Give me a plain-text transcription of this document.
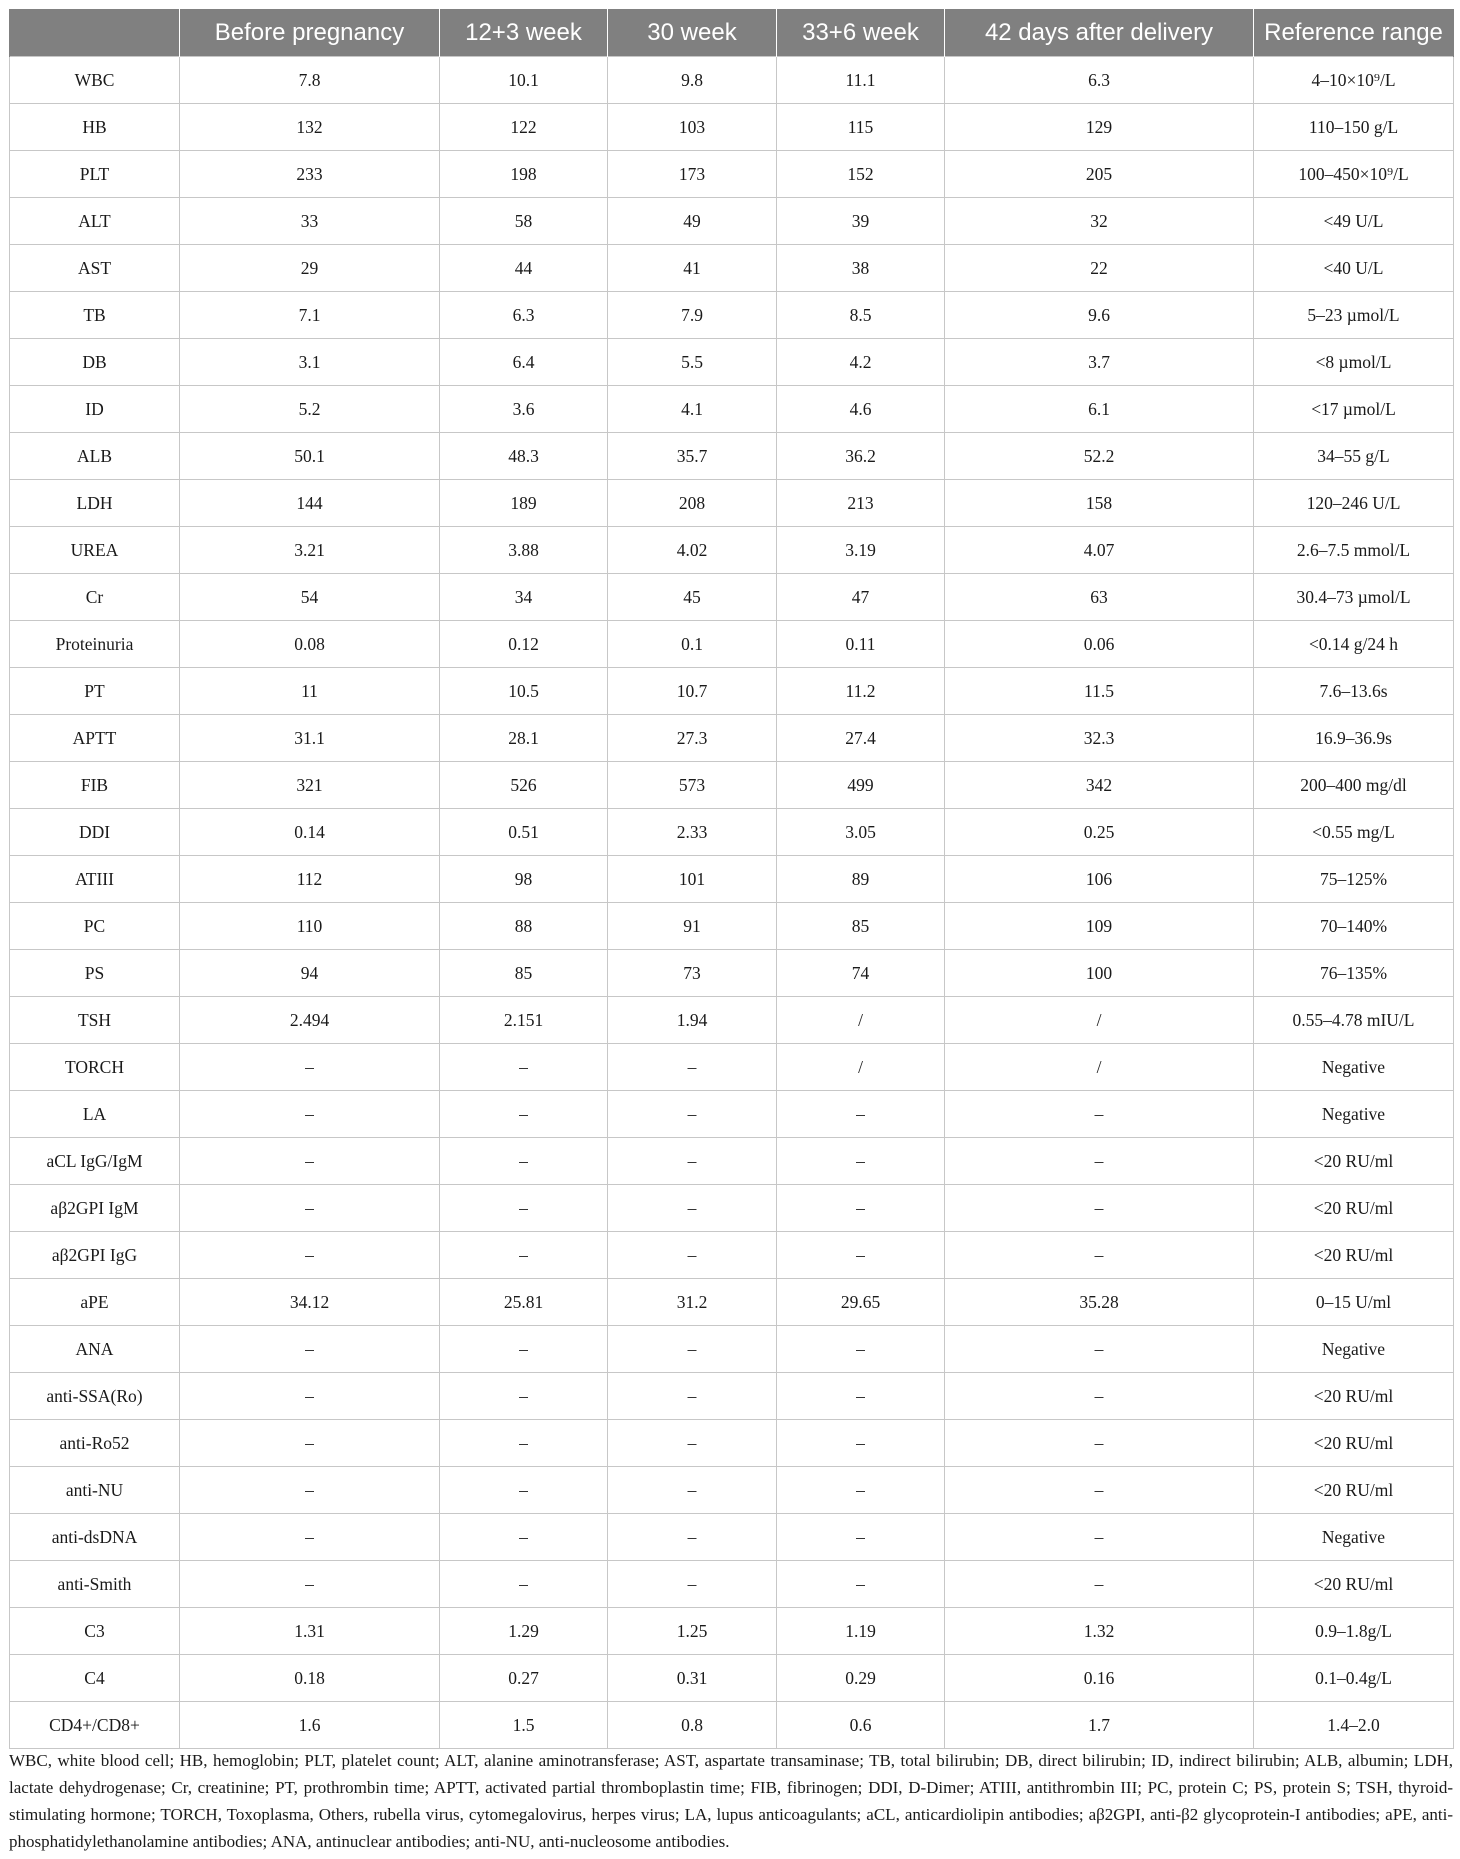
	Before pregnancy	12+3 week	30 week	33+6 week	42 days after delivery	Reference range
WBC	7.8	10.1	9.8	11.1	6.3	4–10×10⁹/L
HB	132	122	103	115	129	110–150 g/L
PLT	233	198	173	152	205	100–450×10⁹/L
ALT	33	58	49	39	32	<49 U/L
AST	29	44	41	38	22	<40 U/L
TB	7.1	6.3	7.9	8.5	9.6	5–23 µmol/L
DB	3.1	6.4	5.5	4.2	3.7	<8 µmol/L
ID	5.2	3.6	4.1	4.6	6.1	<17 µmol/L
ALB	50.1	48.3	35.7	36.2	52.2	34–55 g/L
LDH	144	189	208	213	158	120–246 U/L
UREA	3.21	3.88	4.02	3.19	4.07	2.6–7.5 mmol/L
Cr	54	34	45	47	63	30.4–73 µmol/L
Proteinuria	0.08	0.12	0.1	0.11	0.06	<0.14 g/24 h
PT	11	10.5	10.7	11.2	11.5	7.6–13.6s
APTT	31.1	28.1	27.3	27.4	32.3	16.9–36.9s
FIB	321	526	573	499	342	200–400 mg/dl
DDI	0.14	0.51	2.33	3.05	0.25	<0.55 mg/L
ATIII	112	98	101	89	106	75–125%
PC	110	88	91	85	109	70–140%
PS	94	85	73	74	100	76–135%
TSH	2.494	2.151	1.94	/	/	0.55–4.78 mIU/L
TORCH	–	–	–	/	/	Negative
LA	–	–	–	–	–	Negative
aCL IgG/IgM	–	–	–	–	–	<20 RU/ml
aβ2GPI IgM	–	–	–	–	–	<20 RU/ml
aβ2GPI IgG	–	–	–	–	–	<20 RU/ml
aPE	34.12	25.81	31.2	29.65	35.28	0–15 U/ml
ANA	–	–	–	–	–	Negative
anti-SSA(Ro)	–	–	–	–	–	<20 RU/ml
anti-Ro52	–	–	–	–	–	<20 RU/ml
anti-NU	–	–	–	–	–	<20 RU/ml
anti-dsDNA	–	–	–	–	–	Negative
anti-Smith	–	–	–	–	–	<20 RU/ml
C3	1.31	1.29	1.25	1.19	1.32	0.9–1.8g/L
C4	0.18	0.27	0.31	0.29	0.16	0.1–0.4g/L
CD4+/CD8+	1.6	1.5	0.8	0.6	1.7	1.4–2.0

WBC, white blood cell; HB, hemoglobin; PLT, platelet count; ALT, alanine aminotransferase; AST, aspartate transaminase; TB, total bilirubin; DB, direct bilirubin; ID, indirect bilirubin; ALB, albumin; LDH, lactate dehydrogenase; Cr, creatinine; PT, prothrombin time; APTT, activated partial thromboplastin time; FIB, fibrinogen; DDI, D-Dimer; ATIII, antithrombin III; PC, protein C; PS, protein S; TSH, thyroid-stimulating hormone; TORCH, Toxoplasma, Others, rubella virus, cytomegalovirus, herpes virus; LA, lupus anticoagulants; aCL, anticardiolipin antibodies; aβ2GPI, anti-β2 glycoprotein-I antibodies; aPE, anti-phosphatidylethanolamine antibodies; ANA, antinuclear antibodies; anti-NU, anti-nucleosome antibodies.
